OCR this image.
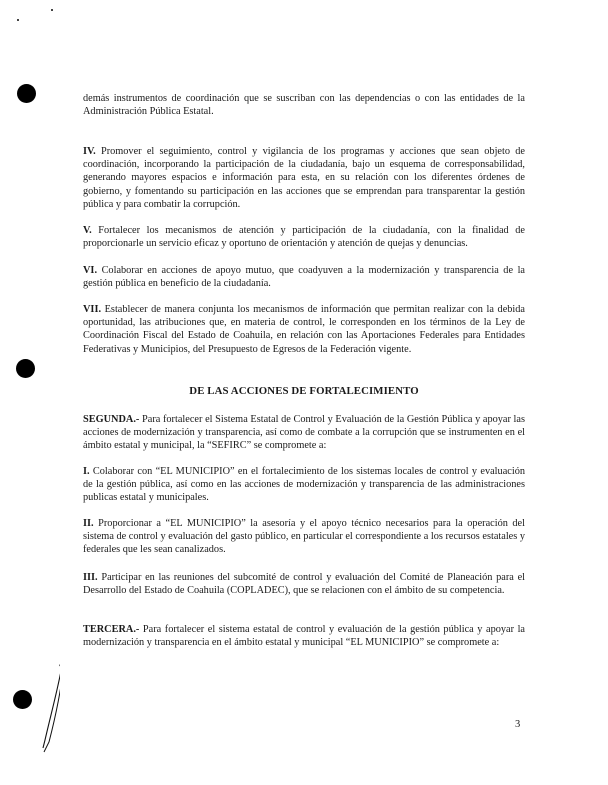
demás instrumentos de coordinación que se suscriban con las dependencias o con las entidades de la Administración Pública Estatal.

IV. Promover el seguimiento, control y vigilancia de los programas y acciones que sean objeto de coordinación, incorporando la participación de la ciudadanía, bajo un esquema de corresponsabilidad, generando mayores espacios e información para esta, en su relación con los diferentes órdenes de gobierno, y fomentando su participación en las acciones que se emprendan para transparentar la gestión pública y para combatir la corrupción.

V. Fortalecer los mecanismos de atención y participación de la ciudadanía, con la finalidad de proporcionarle un servicio eficaz y oportuno de orientación y atención de quejas y denuncias.

VI. Colaborar en acciones de apoyo mutuo, que coadyuven a la modernización y transparencia de la gestión pública en beneficio de la ciudadanía.

VII. Establecer de manera conjunta los mecanismos de información que permitan realizar con la debida oportunidad, las atribuciones que, en materia de control, le corresponden en los términos de la Ley de Coordinación Fiscal del Estado de Coahuila, en relación con las Aportaciones Federales para Entidades Federativas y Municipios, del Presupuesto de Egresos de la Federación vigente.

DE LAS ACCIONES DE FORTALECIMIENTO

SEGUNDA.- Para fortalecer el Sistema Estatal de Control y Evaluación de la Gestión Pública y apoyar las acciones de modernización y transparencia, así como de combate a la corrupción que se instrumenten en el ámbito estatal y municipal, la “SEFIRC” se compromete a:

I. Colaborar con “EL MUNICIPIO” en el fortalecimiento de los sistemas locales de control y evaluación de la gestión pública, así como en las acciones de modernización y transparencia de las administraciones publicas estatal y municipales.

II. Proporcionar a “EL MUNICIPIO” la asesoría y el apoyo técnico necesarios para la operación del sistema de control y evaluación del gasto público, en particular el correspondiente a los recursos estatales y federales que les sean canalizados.

III. Participar en las reuniones del subcomité de control y evaluación del Comité de Planeación para el Desarrollo del Estado de Coahuila (COPLADEC), que se relacionen con el ámbito de su competencia.

TERCERA.- Para fortalecer el sistema estatal de control y evaluación de la gestión pública y apoyar la modernización y transparencia en el ámbito estatal y municipal “EL MUNICIPIO” se compromete a:

3
